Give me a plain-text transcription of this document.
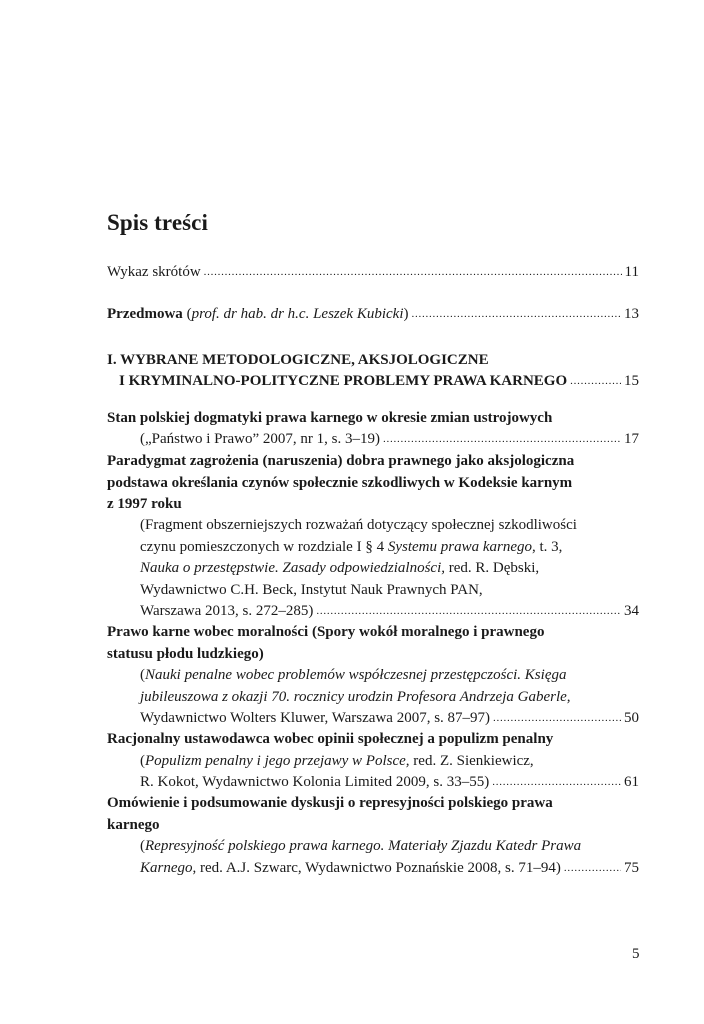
Spis treści
Wykaz skrótów . . .	11
Przedmowa (prof. dr hab. dr h.c. Leszek Kubicki) . . .	13
I. WYBRANE METODOLOGICZNE, AKSJOLOGICZNE
I KRYMINALNO-POLITYCZNE PROBLEMY PRAWA KARNEGO . . .	15
Stan polskiej dogmatyki prawa karnego w okresie zmian ustrojowych
(„Państwo i Prawo” 2007, nr 1, s. 3–19) . . .	17
Paradygmat zagrożenia (naruszenia) dobra prawnego jako aksjologiczna
podstawa określania czynów społecznie szkodliwych w Kodeksie karnym
z 1997 roku
(Fragment obszerniejszych rozważań dotyczący społecznej szkodliwości
czynu pomieszczonych w rozdziale I § 4 Systemu prawa karnego, t. 3,
Nauka o przestępstwie. Zasady odpowiedzialności, red. R. Dębski,
Wydawnictwo C.H. Beck, Instytut Nauk Prawnych PAN,
Warszawa 2013, s. 272–285) . . .	34
Prawo karne wobec moralności (Spory wokół moralnego i prawnego
statusu płodu ludzkiego)
(Nauki penalne wobec problemów współczesnej przestępczości. Księga
jubileuszowa z okazji 70. rocznicy urodzin Profesora Andrzeja Gaberle,
Wydawnictwo Wolters Kluwer, Warszawa 2007, s. 87–97) . . .	50
Racjonalny ustawodawca wobec opinii społecznej a populizm penalny
(Populizm penalny i jego przejawy w Polsce, red. Z. Sienkiewicz,
R. Kokot, Wydawnictwo Kolonia Limited 2009, s. 33–55) . . .	61
Omówienie i podsumowanie dyskusji o represyjności polskiego prawa
karnego
(Represyjność polskiego prawa karnego. Materiały Zjazdu Katedr Prawa
Karnego, red. A.J. Szwarc, Wydawnictwo Poznańskie 2008, s. 71–94) . . .	75
5
